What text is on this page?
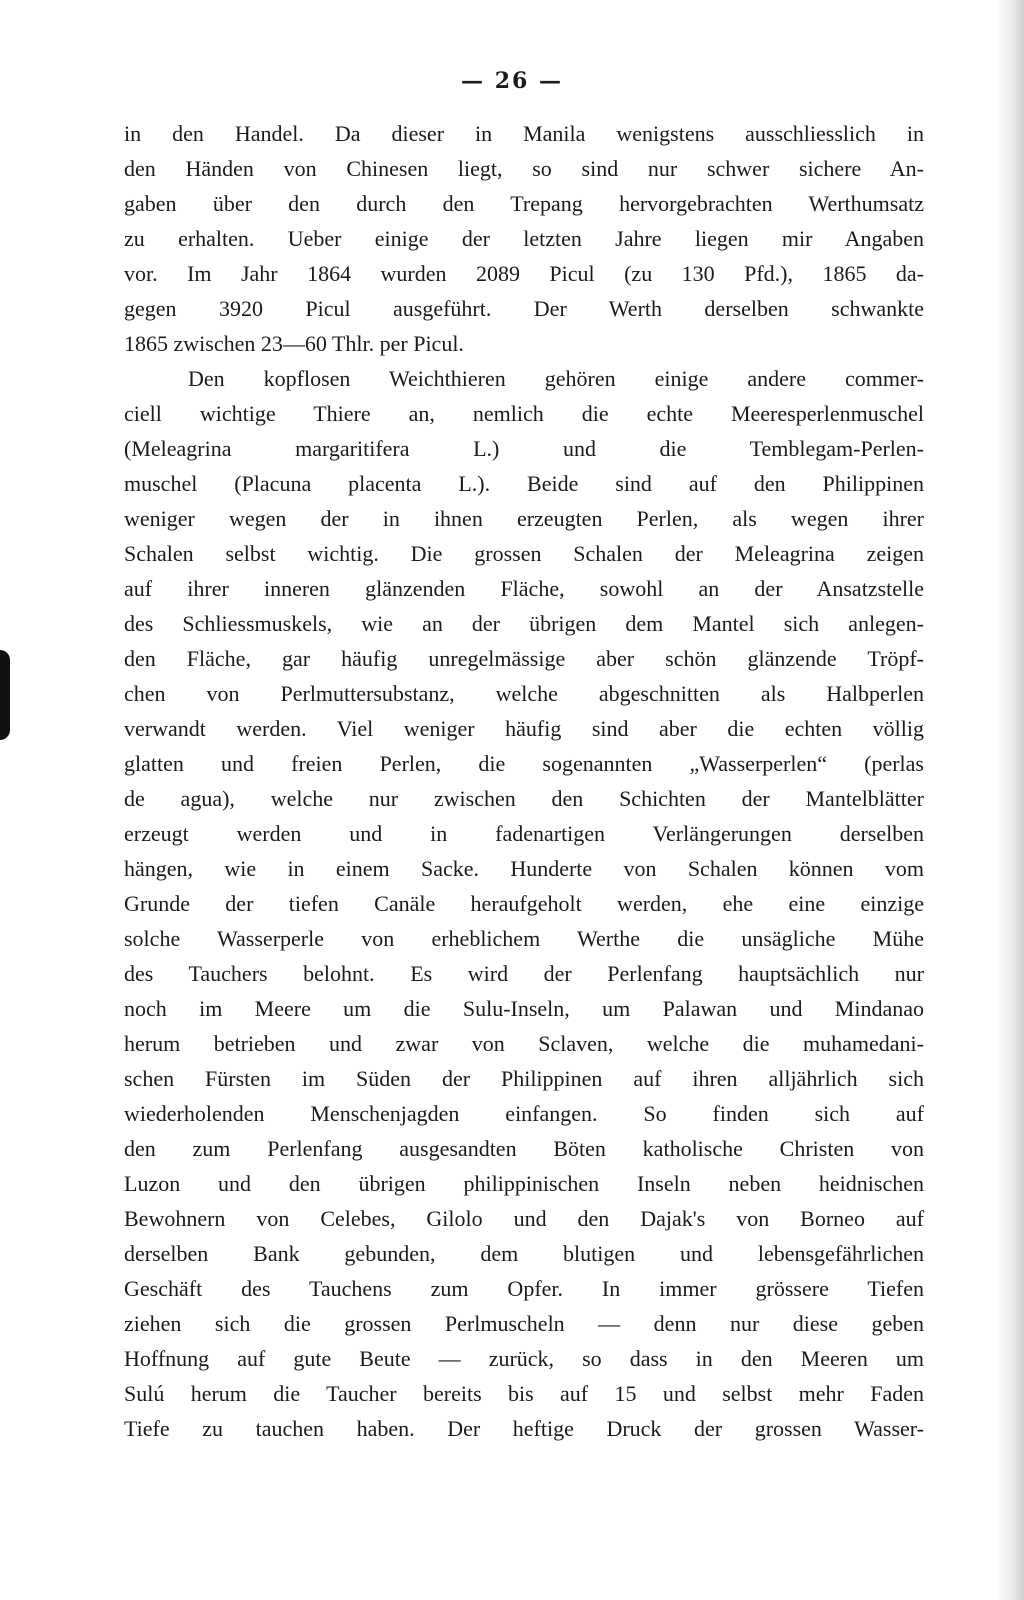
— 26 —
in den Handel. Da dieser in Manila wenigstens ausschliesslich in
den Händen von Chinesen liegt, so sind nur schwer sichere An-
gaben über den durch den Trepang hervorgebrachten Werthumsatz
zu erhalten. Ueber einige der letzten Jahre liegen mir Angaben
vor. Im Jahr 1864 wurden 2089 Picul (zu 130 Pfd.), 1865 da-
gegen 3920 Picul ausgeführt. Der Werth derselben schwankte
1865 zwischen 23—60 Thlr. per Picul.
Den kopflosen Weichthieren gehören einige andere commer-
ciell wichtige Thiere an, nemlich die echte Meeresperlenmuschel
(Meleagrina margaritifera L.) und die Temblegam-Perlen-
muschel (Placuna placenta L.). Beide sind auf den Philippinen
weniger wegen der in ihnen erzeugten Perlen, als wegen ihrer
Schalen selbst wichtig. Die grossen Schalen der Meleagrina zeigen
auf ihrer inneren glänzenden Fläche, sowohl an der Ansatzstelle
des Schliessmuskels, wie an der übrigen dem Mantel sich anlegen-
den Fläche, gar häufig unregelmässige aber schön glänzende Tröpf-
chen von Perlmuttersubstanz, welche abgeschnitten als Halbperlen
verwandt werden. Viel weniger häufig sind aber die echten völlig
glatten und freien Perlen, die sogenannten „Wasserperlen“ (perlas
de agua), welche nur zwischen den Schichten der Mantelblätter
erzeugt werden und in fadenartigen Verlängerungen derselben
hängen, wie in einem Sacke. Hunderte von Schalen können vom
Grunde der tiefen Canäle heraufgeholt werden, ehe eine einzige
solche Wasserperle von erheblichem Werthe die unsägliche Mühe
des Tauchers belohnt. Es wird der Perlenfang hauptsächlich nur
noch im Meere um die Sulu-Inseln, um Palawan und Mindanao
herum betrieben und zwar von Sclaven, welche die muhamedani-
schen Fürsten im Süden der Philippinen auf ihren alljährlich sich
wiederholenden Menschenjagden einfangen. So finden sich auf
den zum Perlenfang ausgesandten Böten katholische Christen von
Luzon und den übrigen philippinischen Inseln neben heidnischen
Bewohnern von Celebes, Gilolo und den Dajak's von Borneo auf
derselben Bank gebunden, dem blutigen und lebensgefährlichen
Geschäft des Tauchens zum Opfer. In immer grössere Tiefen
ziehen sich die grossen Perlmuscheln — denn nur diese geben
Hoffnung auf gute Beute — zurück, so dass in den Meeren um
Sulú herum die Taucher bereits bis auf 15 und selbst mehr Faden
Tiefe zu tauchen haben. Der heftige Druck der grossen Wasser-
